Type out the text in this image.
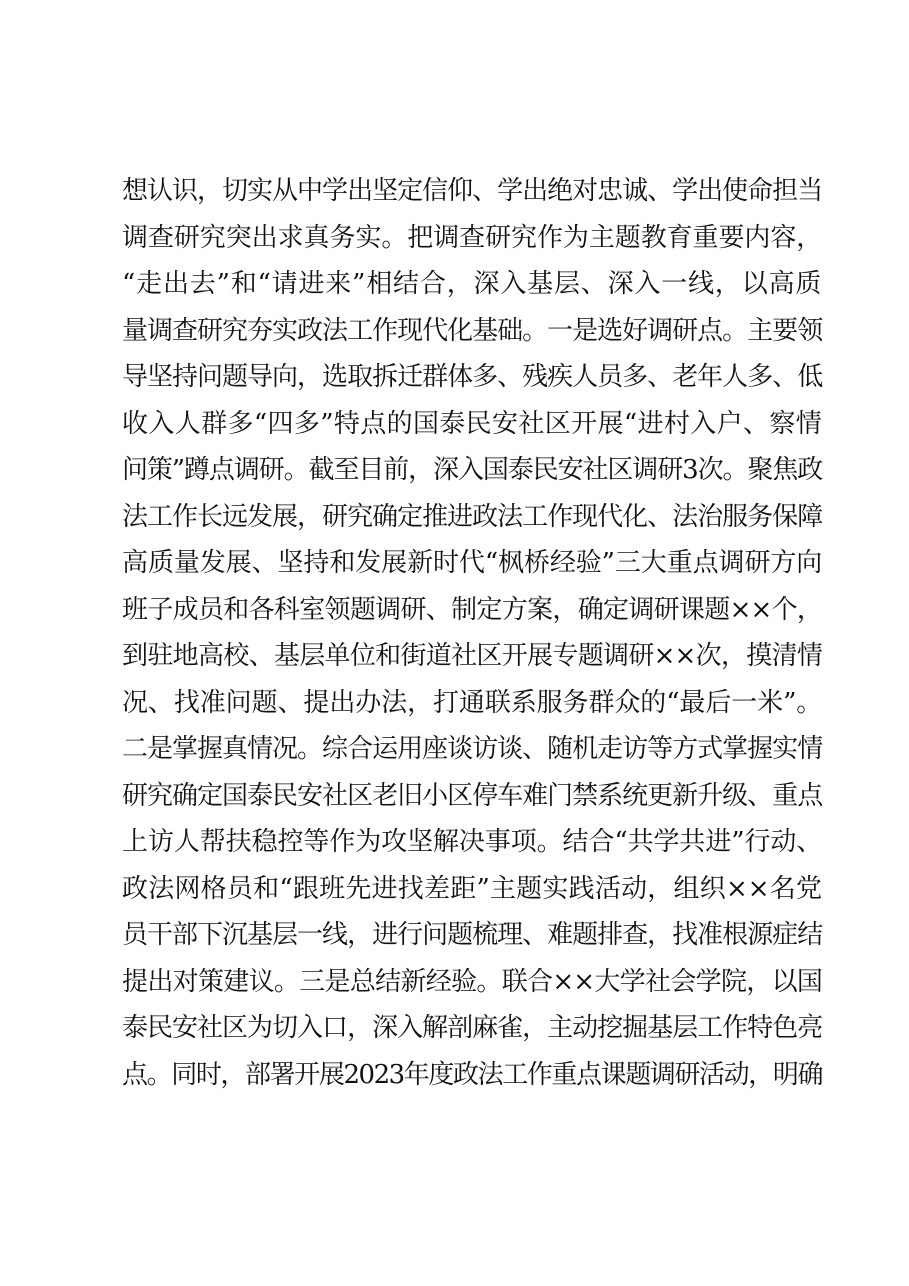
想认识，切实从中学出坚定信仰、学出绝对忠诚、学出使命担当
调查研究突出求真务实。把调查研究作为主题教育重要内容，
“走出去”和“请进来”相结合，深入基层、深入一线，以高质
量调查研究夯实政法工作现代化基础。一是选好调研点。主要领
导坚持问题导向，选取拆迁群体多、残疾人员多、老年人多、低
收入人群多“四多”特点的国泰民安社区开展“进村入户、察情
问策”蹲点调研。截至目前，深入国泰民安社区调研3次。聚焦政
法工作长远发展，研究确定推进政法工作现代化、法治服务保障
高质量发展、坚持和发展新时代“枫桥经验”三大重点调研方向
班子成员和各科室领题调研、制定方案，确定调研课题××个，
到驻地高校、基层单位和街道社区开展专题调研××次，摸清情
况、找准问题、提出办法，打通联系服务群众的“最后一米”。
二是掌握真情况。综合运用座谈访谈、随机走访等方式掌握实情
研究确定国泰民安社区老旧小区停车难门禁系统更新升级、重点
上访人帮扶稳控等作为攻坚解决事项。结合“共学共进”行动、
政法网格员和“跟班先进找差距”主题实践活动，组织××名党
员干部下沉基层一线，进行问题梳理、难题排查，找准根源症结
提出对策建议。三是总结新经验。联合××大学社会学院，以国
泰民安社区为切入口，深入解剖麻雀，主动挖掘基层工作特色亮
点。同时，部署开展2023年度政法工作重点课题调研活动，明确
